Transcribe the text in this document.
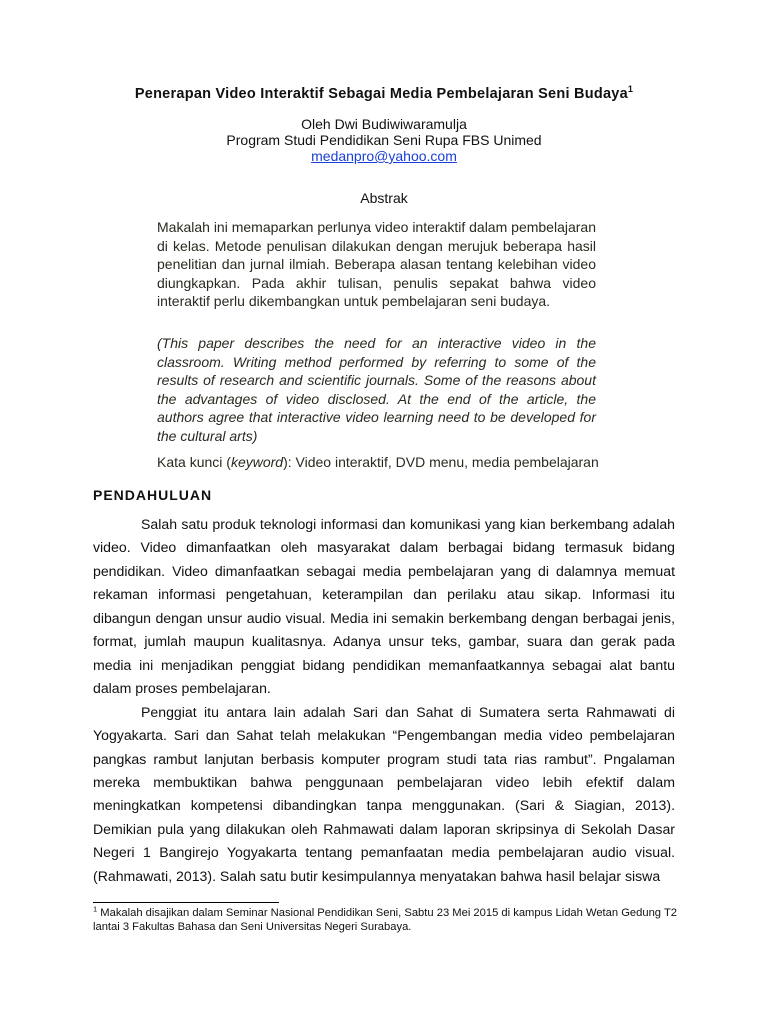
Penerapan Video Interaktif Sebagai Media Pembelajaran Seni Budaya$^1$
Oleh Dwi Budiwiwaramulja
Program Studi Pendidikan Seni Rupa FBS Unimed
medanpro@yahoo.com
Abstrak
Makalah ini memaparkan perlunya video interaktif dalam pembelajaran di kelas. Metode penulisan dilakukan dengan merujuk beberapa hasil penelitian dan jurnal ilmiah. Beberapa alasan tentang kelebihan video diungkapkan. Pada akhir tulisan, penulis sepakat bahwa video interaktif perlu dikembangkan untuk pembelajaran seni budaya.
(This paper describes the need for an interactive video in the classroom. Writing method performed by referring to some of the results of research and scientific journals. Some of the reasons about the advantages of video disclosed. At the end of the article, the authors agree that interactive video learning need to be developed for the cultural arts)
Kata kunci (keyword): Video interaktif, DVD menu, media pembelajaran
PENDAHULUAN

Salah satu produk teknologi informasi dan komunikasi yang kian berkembang adalah video. Video dimanfaatkan oleh masyarakat dalam berbagai bidang termasuk bidang pendidikan. Video dimanfaatkan sebagai media pembelajaran yang di dalamnya memuat rekaman informasi pengetahuan, keterampilan dan perilaku atau sikap. Informasi itu dibangun dengan unsur audio visual. Media ini semakin berkembang dengan berbagai jenis, format, jumlah maupun kualitasnya. Adanya unsur teks, gambar, suara dan gerak pada media ini menjadikan penggiat bidang pendidikan memanfaatkannya sebagai alat bantu dalam proses pembelajaran.

Penggiat itu antara lain adalah Sari dan Sahat di Sumatera serta Rahmawati di Yogyakarta. Sari dan Sahat telah melakukan “Pengembangan media video pembelajaran pangkas rambut lanjutan berbasis komputer program studi tata rias rambut”. Pngalaman mereka membuktikan bahwa penggunaan pembelajaran video lebih efektif dalam meningkatkan kompetensi dibandingkan tanpa menggunakan. (Sari & Siagian, 2013). Demikian pula yang dilakukan oleh Rahmawati dalam laporan skripsinya di Sekolah Dasar Negeri 1 Bangirejo Yogyakarta tentang pemanfaatan media pembelajaran audio visual. (Rahmawati, 2013). Salah satu butir kesimpulannya menyatakan bahwa hasil belajar siswa

$^1$ Makalah disajikan dalam Seminar Nasional Pendidikan Seni, Sabtu 23 Mei 2015 di kampus Lidah Wetan Gedung T2 lantai 3 Fakultas Bahasa dan Seni Universitas Negeri Surabaya.
